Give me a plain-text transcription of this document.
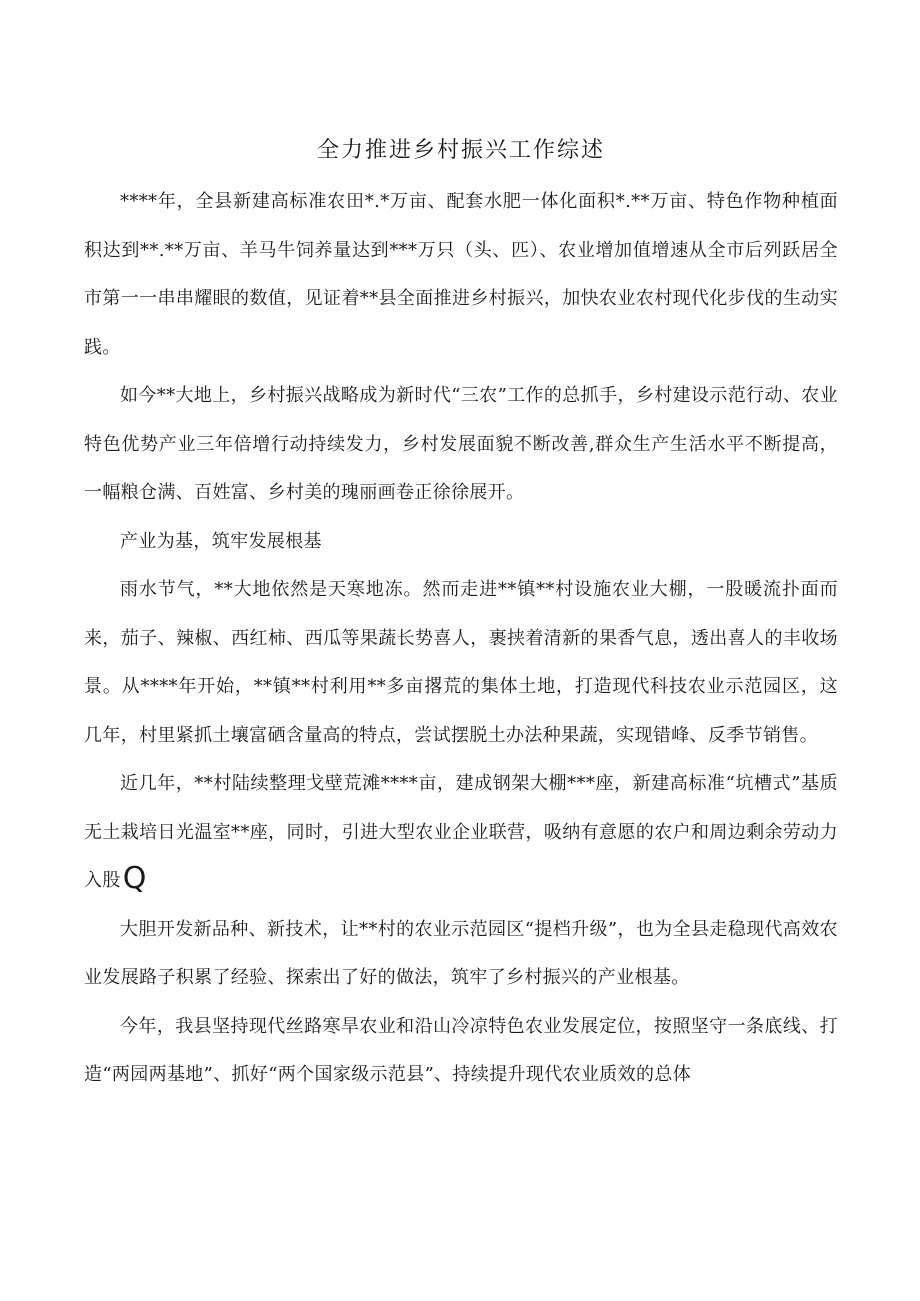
全力推进乡村振兴工作综述

****年，全县新建高标准农田*.*万亩、配套水肥一体化面积*.**万亩、特色作物种植面积达到**.**万亩、羊马牛饲养量达到***万只（头、匹）、农业增加值增速从全市后列跃居全市第一一串串耀眼的数值，见证着**县全面推进乡村振兴，加快农业农村现代化步伐的生动实践。

如今**大地上，乡村振兴战略成为新时代“三农”工作的总抓手，乡村建设示范行动、农业特色优势产业三年倍增行动持续发力，乡村发展面貌不断改善,群众生产生活水平不断提高，一幅粮仓满、百姓富、乡村美的瑰丽画卷正徐徐展开。

产业为基，筑牢发展根基

雨水节气，**大地依然是天寒地冻。然而走进**镇**村设施农业大棚，一股暖流扑面而来，茄子、辣椒、西红柿、西瓜等果蔬长势喜人，裹挟着清新的果香气息，透出喜人的丰收场景。从****年开始，**镇**村利用**多亩撂荒的集体土地，打造现代科技农业示范园区，这几年，村里紧抓土壤富硒含量高的特点，尝试摆脱土办法种果蔬，实现错峰、反季节销售。

近几年，**村陆续整理戈壁荒滩****亩，建成钢架大棚***座，新建高标准“坑槽式”基质无土栽培日光温室**座，同时，引进大型农业企业联营，吸纳有意愿的农户和周边剩余劳动力入股Q

大胆开发新品种、新技术，让**村的农业示范园区“提档升级”，也为全县走稳现代高效农业发展路子积累了经验、探索出了好的做法，筑牢了乡村振兴的产业根基。

今年，我县坚持现代丝路寒旱农业和沿山冷凉特色农业发展定位，按照坚守一条底线、打造“两园两基地”、抓好“两个国家级示范县”、持续提升现代农业质效的总体
